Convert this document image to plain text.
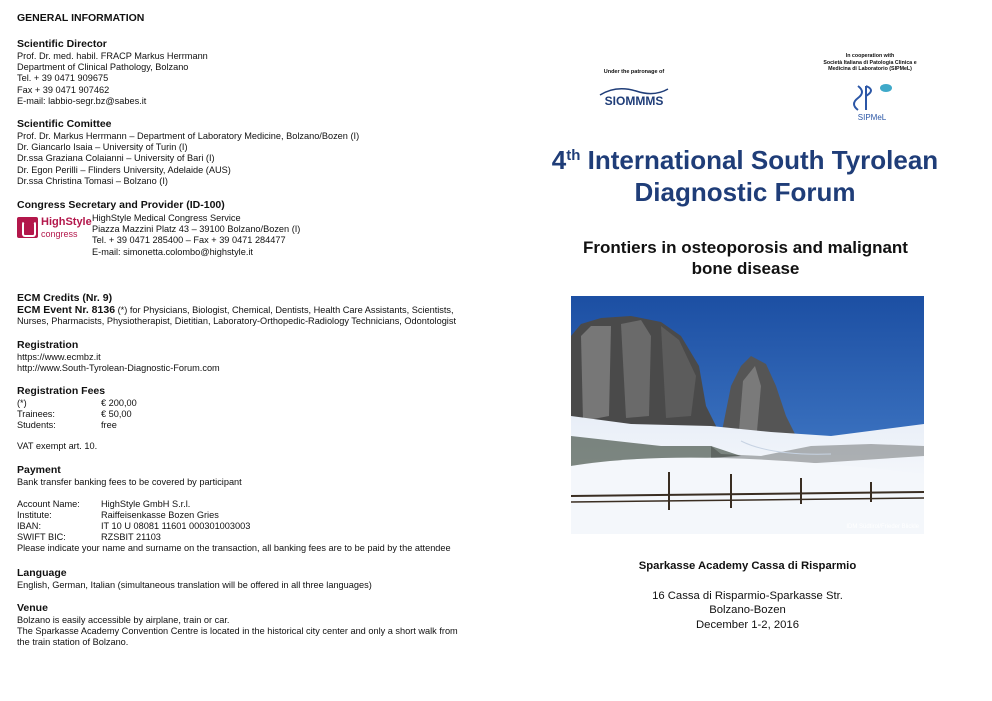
GENERAL INFORMATION
Scientific Director
Prof. Dr. med. habil. FRACP Markus Herrmann
Department of Clinical Pathology, Bolzano
Tel. + 39 0471 909675
Fax + 39 0471 907462
E-mail: labbio-segr.bz@sabes.it
Scientific Comittee
Prof. Dr. Markus Herrmann – Department of Laboratory Medicine, Bolzano/Bozen (I)
Dr. Giancarlo Isaia – University of Turin (I)
Dr.ssa Graziana Colaianni – University of Bari (I)
Dr. Egon Perilli – Flinders University, Adelaide (AUS)
Dr.ssa Christina Tomasi – Bolzano (I)
Congress Secretary and Provider (ID-100)
HighStyle
congress
HighStyle Medical Congress Service
Piazza Mazzini Platz 43 – 39100 Bolzano/Bozen (I)
Tel. + 39 0471 285400 – Fax + 39 0471 284477
E-mail: simonetta.colombo@highstyle.it
ECM Credits (Nr. 9)
ECM Event Nr. 8136 (*) for Physicians, Biologist, Chemical, Dentists, Health Care Assistants, Scientists,
Nurses, Pharmacists, Physiotherapist, Dietitian, Laboratory-Orthopedic-Radiology Technicians, Odontologist
Registration
https://www.ecmbz.it
http://www.South-Tyrolean-Diagnostic-Forum.com
Registration Fees
(*)	€ 200,00
Trainees:	€ 50,00
Students:	free
VAT exempt art. 10.
Payment
Bank transfer banking fees to be covered by participant
Account Name:	HighStyle GmbH S.r.l.
Institute:	Raiffeisenkasse Bozen Gries
IBAN:	IT 10 U 08081 11601 000301003003
SWIFT BIC:	RZSBIT 21103
Please indicate your name and surname on the transaction, all banking fees are to be paid by the attendee
Language
English, German, Italian (simultaneous translation will be offered in all three languages)
Venue
Bolzano is easily accessible by airplane, train or car.
The Sparkasse Academy Convention Centre is located in the historical city center and only a short walk from
the train station of Bolzano.
Under the patronage of
SIOMMMS
In cooperation with
Società Italiana di Patologia Clinica e
Medicina di Laboratorio (SIPMeL)
SIPMeL
4th International South Tyrolean
Diagnostic Forum
Frontiers in osteoporosis and malignant
bone disease
IDM Südtirol/Frieder Blickle
Sparkasse Academy Cassa di Risparmio
16 Cassa di Risparmio-Sparkasse Str.
Bolzano-Bozen
December 1-2, 2016
